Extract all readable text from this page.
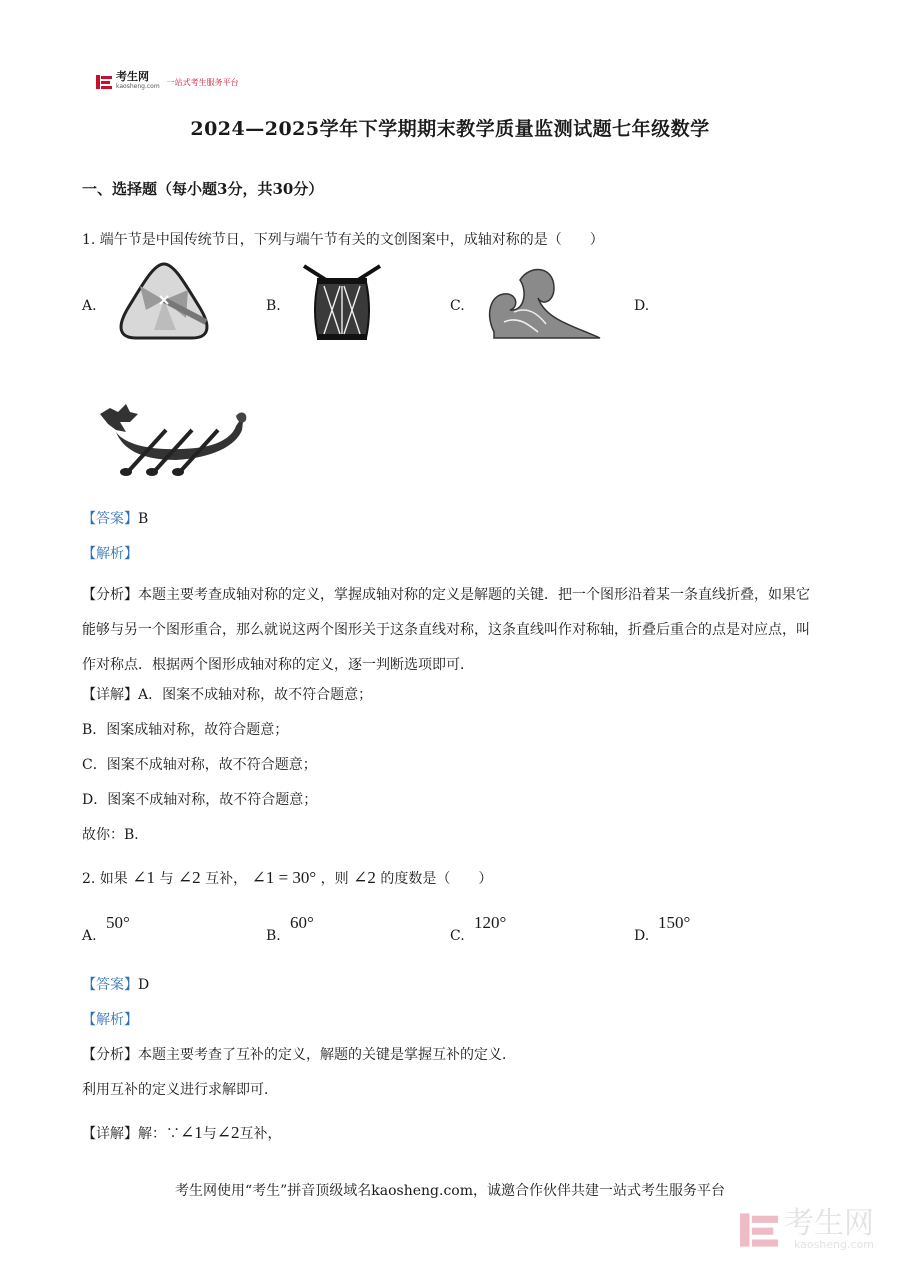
考生网
kaosheng.com 一站式考生服务平台
2024—2025学年下学期期末教学质量监测试题七年级数学
一、选择题（每小题3分，共30分）
1. 端午节是中国传统节日，下列与端午节有关的文创图案中，成轴对称的是（　　）
A.	B.	C.	D.
【答案】B
【解析】
【分析】本题主要考查成轴对称的定义，掌握成轴对称的定义是解题的关键．把一个图形沿着某一条直线折叠，如果它能够与另一个图形重合，那么就说这两个图形关于这条直线对称，这条直线叫作对称轴，折叠后重合的点是对应点，叫作对称点．根据两个图形成轴对称的定义，逐一判断选项即可．
【详解】A．图案不成轴对称，故不符合题意；
B．图案成轴对称，故符合题意；
C．图案不成轴对称，故不符合题意；
D．图案不成轴对称，故不符合题意；
故你：B．
2. 如果 ∠1 与 ∠2 互补， ∠1 = 30° ，则 ∠2 的度数是（　　）
A.
50°
B.
60°
C.
120°
D.
150°
【答案】D
【解析】
【分析】本题主要考查了互补的定义，解题的关键是掌握互补的定义．
利用互补的定义进行求解即可．
【详解】解：∵∠1与∠2互补，
考生网使用“考生”拼音顶级域名kaosheng.com，诚邀合作伙伴共建一站式考生服务平台
考生网
kaosheng.com
